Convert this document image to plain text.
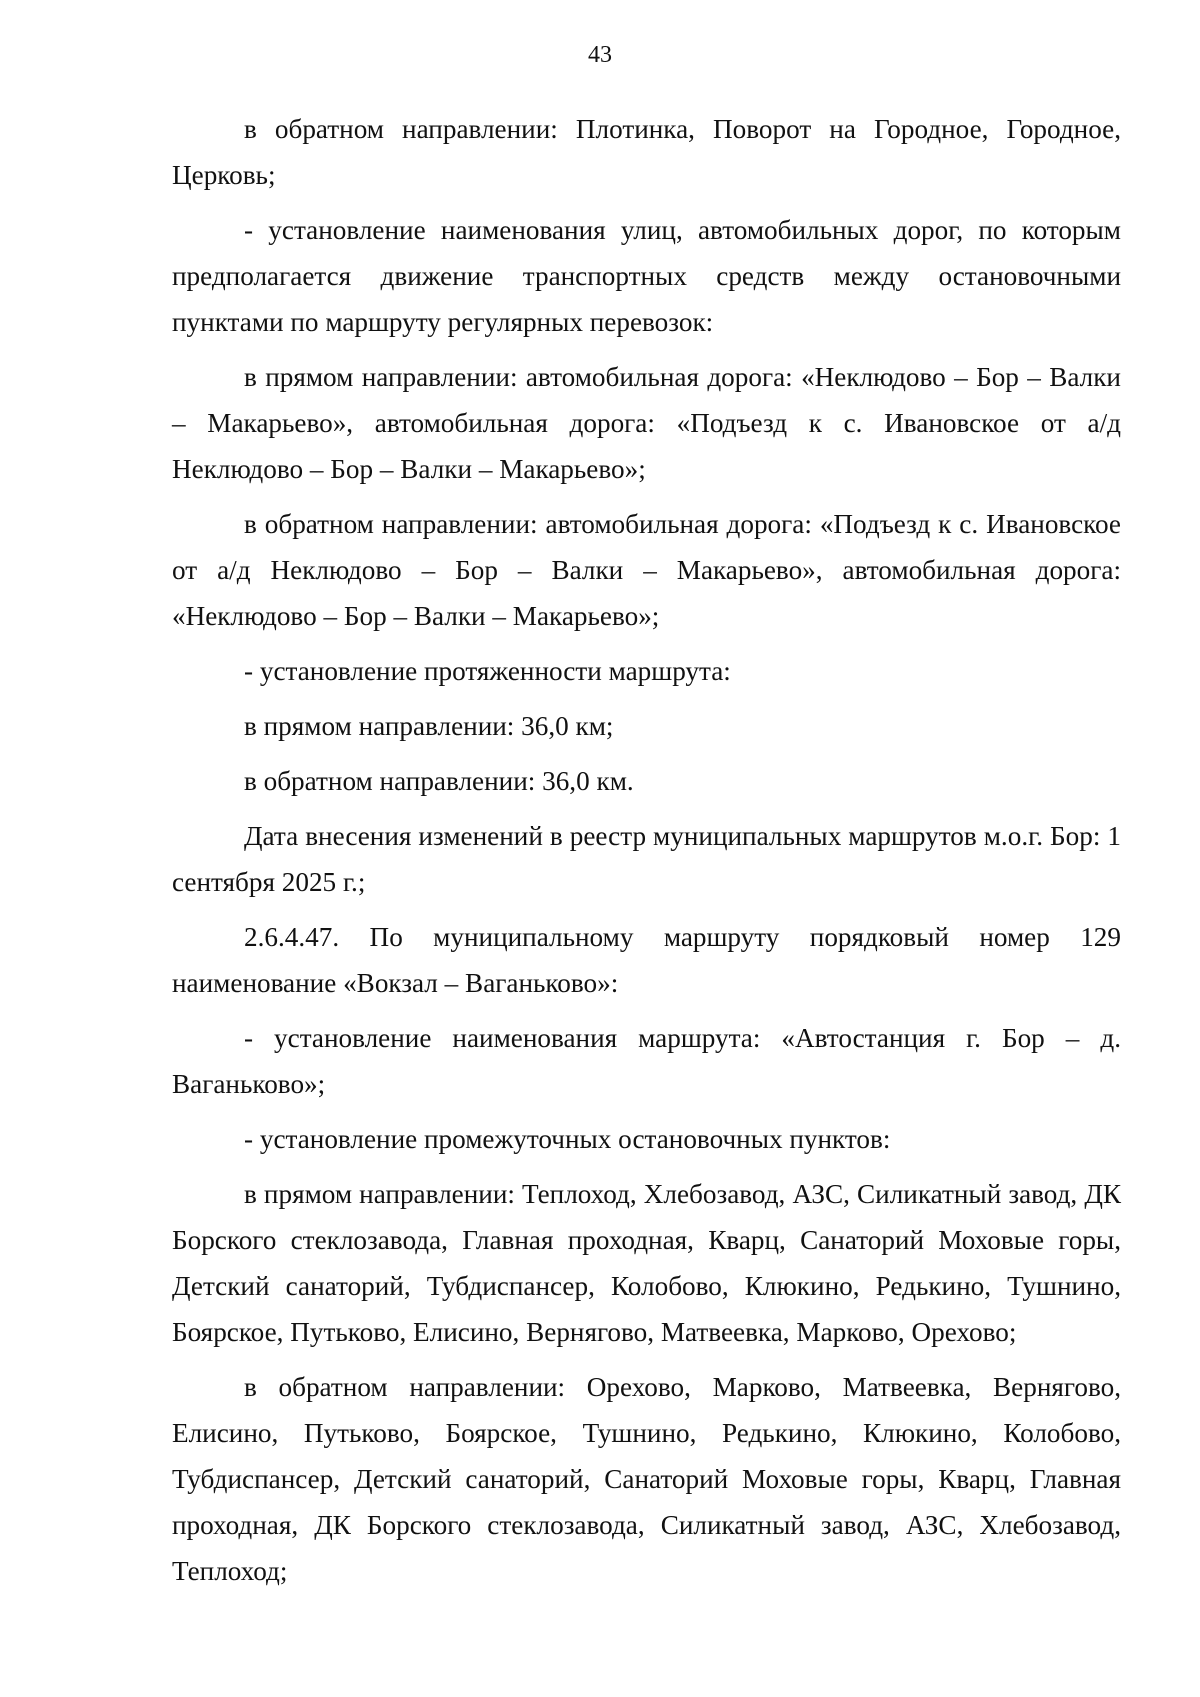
43

в обратном направлении: Плотинка, Поворот на Городное, Городное, Церковь;

- установление наименования улиц, автомобильных дорог, по которым предполагается движение транспортных средств между остановочными пунктами по маршруту регулярных перевозок:

в прямом направлении: автомобильная дорога: «Неклюдово – Бор – Валки – Макарьево», автомобильная дорога: «Подъезд к с. Ивановское от а/д Неклюдово – Бор – Валки – Макарьево»;

в обратном направлении: автомобильная дорога: «Подъезд к с. Ивановское от а/д Неклюдово – Бор – Валки – Макарьево», автомобильная дорога: «Неклюдово – Бор – Валки – Макарьево»;

- установление протяженности маршрута:

в прямом направлении: 36,0 км;

в обратном направлении: 36,0 км.

Дата внесения изменений в реестр муниципальных маршрутов м.о.г. Бор: 1 сентября 2025 г.;

2.6.4.47. По муниципальному маршруту порядковый номер 129 наименование «Вокзал – Ваганьково»:

- установление наименования маршрута: «Автостанция г. Бор – д. Ваганьково»;

- установление промежуточных остановочных пунктов:

в прямом направлении: Теплоход, Хлебозавод, АЗС, Силикатный завод, ДК Борского стеклозавода, Главная проходная, Кварц, Санаторий Моховые горы, Детский санаторий, Тубдиспансер, Колобово, Клюкино, Редькино, Тушнино, Боярское, Путьково, Елисино, Вернягово, Матвеевка, Марково, Орехово;

в обратном направлении: Орехово, Марково, Матвеевка, Вернягово, Елисино, Путьково, Боярское, Тушнино, Редькино, Клюкино, Колобово, Тубдиспансер, Детский санаторий, Санаторий Моховые горы, Кварц, Главная проходная, ДК Борского стеклозавода, Силикатный завод, АЗС, Хлебозавод, Теплоход;
